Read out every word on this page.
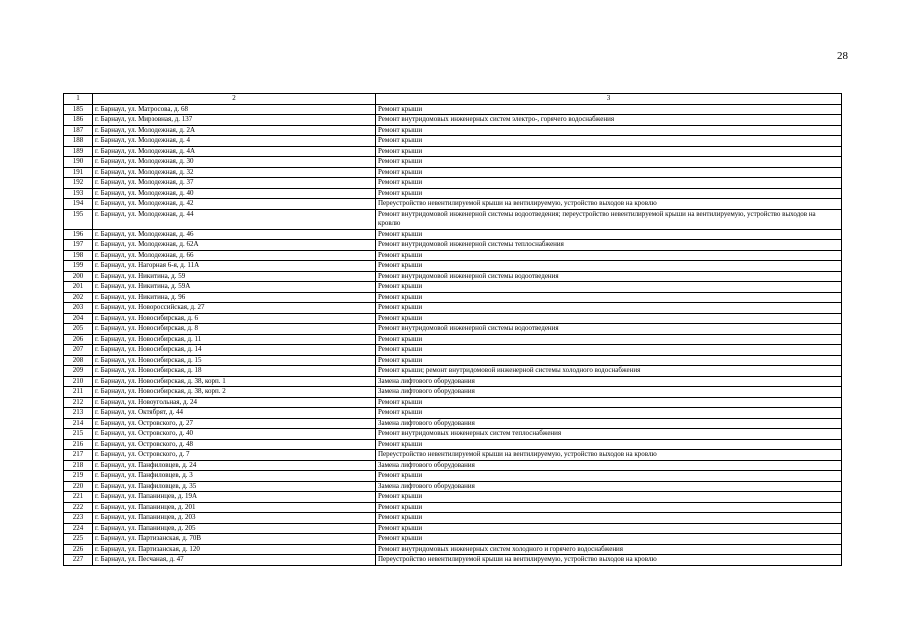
28
1	2	3
185	г. Барнаул, ул. Матросова, д. 68	Ремонт крыши
186	г. Барнаул, ул. Мирзовная, д. 137	Ремонт внутридомовых инженерных систем электро-, горячего водоснабжения
187	г. Барнаул, ул. Молодежная, д. 2А	Ремонт крыши
188	г. Барнаул, ул. Молодежная, д. 4	Ремонт крыши
189	г. Барнаул, ул. Молодежная, д. 4А	Ремонт крыши
190	г. Барнаул, ул. Молодежная, д. 30	Ремонт крыши
191	г. Барнаул, ул. Молодежная, д. 32	Ремонт крыши
192	г. Барнаул, ул. Молодежная, д. 37	Ремонт крыши
193	г. Барнаул, ул. Молодежная, д. 40	Ремонт крыши
194	г. Барнаул, ул. Молодежная, д. 42	Переустройство невентилируемой крыши на вентилируемую, устройство выходов на кровлю
195	г. Барнаул, ул. Молодежная, д. 44	Ремонт внутридомовой инженерной системы водоотведения; переустройство невентилируемой крыши на вентилируемую, устройство выходов на кровлю
196	г. Барнаул, ул. Молодежная, д. 46	Ремонт крыши
197	г. Барнаул, ул. Молодежная, д. 62А	Ремонт внутридомовой инженерной системы теплоснабжения
198	г. Барнаул, ул. Молодежная, д. 66	Ремонт крыши
199	г. Барнаул, ул. Нагорная 6-я, д. 11А	Ремонт крыши
200	г. Барнаул, ул. Никитина, д. 59	Ремонт внутридомовой инженерной системы водоотведения
201	г. Барнаул, ул. Никитина, д. 59А	Ремонт крыши
202	г. Барнаул, ул. Никитина, д. 96	Ремонт крыши
203	г. Барнаул, ул. Новороссийская, д. 27	Ремонт крыши
204	г. Барнаул, ул. Новосибирская, д. 6	Ремонт крыши
205	г. Барнаул, ул. Новосибирская, д. 8	Ремонт внутридомовой инженерной системы водоотведения
206	г. Барнаул, ул. Новосибирская, д. 11	Ремонт крыши
207	г. Барнаул, ул. Новосибирская, д. 14	Ремонт крыши
208	г. Барнаул, ул. Новосибирская, д. 15	Ремонт крыши
209	г. Барнаул, ул. Новосибирская, д. 18	Ремонт крыши; ремонт внутридомовой инженерной системы холодного водоснабжения
210	г. Барнаул, ул. Новосибирская, д. 38, корп. 1	Замена лифтового оборудования
211	г. Барнаул, ул. Новосибирская, д. 38, корп. 2	Замена лифтового оборудования
212	г. Барнаул, ул. Новоугольная, д. 24	Ремонт крыши
213	г. Барнаул, ул. Октябрят, д. 44	Ремонт крыши
214	г. Барнаул, ул. Островского, д. 27	Замена лифтового оборудования
215	г. Барнаул, ул. Островского, д. 40	Ремонт внутридомовых инженерных систем теплоснабжения
216	г. Барнаул, ул. Островского, д. 48	Ремонт крыши
217	г. Барнаул, ул. Островского, д. 7	Переустройство невентилируемой крыши на вентилируемую, устройство выходов на кровлю
218	г. Барнаул, ул. Панфиловцев, д. 24	Замена лифтового оборудования
219	г. Барнаул, ул. Панфиловцев, д. 3	Ремонт крыши
220	г. Барнаул, ул. Панфиловцев, д. 35	Замена лифтового оборудования
221	г. Барнаул, ул. Папанинцев, д. 19А	Ремонт крыши
222	г. Барнаул, ул. Папанинцев, д. 201	Ремонт крыши
223	г. Барнаул, ул. Папанинцев, д. 203	Ремонт крыши
224	г. Барнаул, ул. Папанинцев, д. 205	Ремонт крыши
225	г. Барнаул, ул. Партизанская, д. 70В	Ремонт крыши
226	г. Барнаул, ул. Партизанская, д. 120	Ремонт внутридомовых инженерных систем холодного и горячего водоснабжения
227	г. Барнаул, ул. Песчаная, д. 47	Переустройство невентилируемой крыши на вентилируемую, устройство выходов на кровлю
